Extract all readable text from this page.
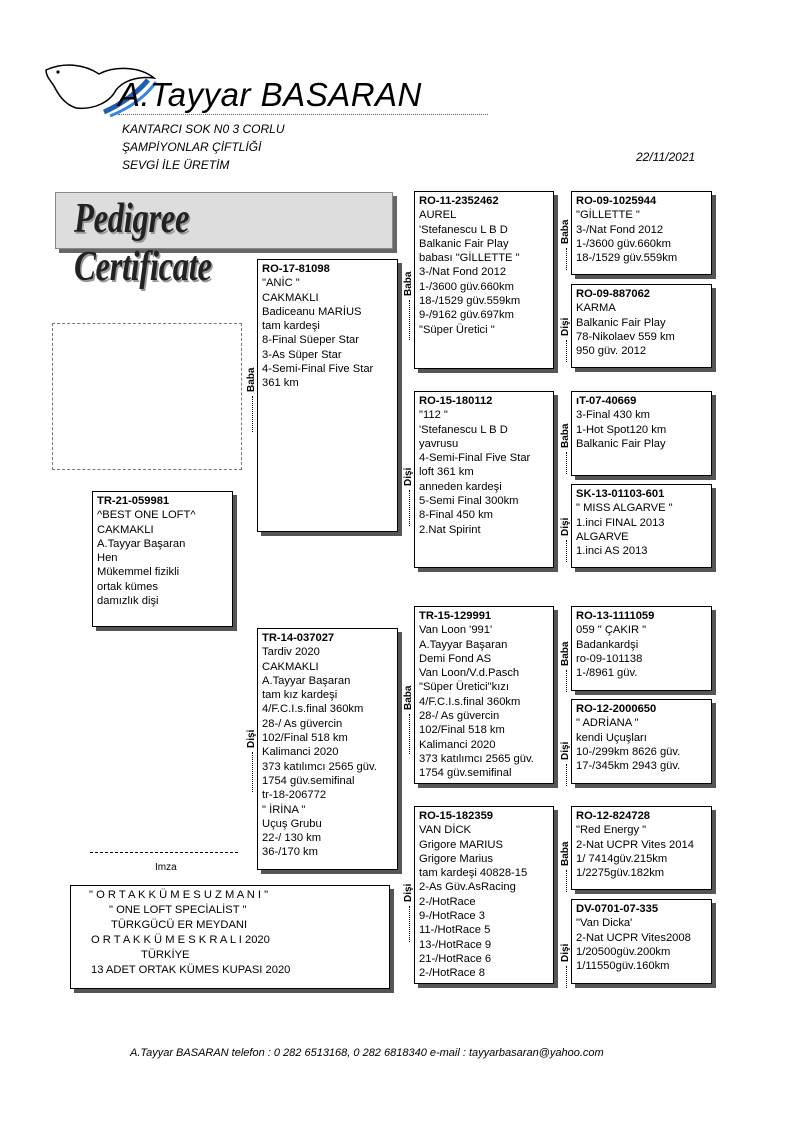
A.Tayyar BASARAN
KANTARCI SOK N0 3 CORLU
ŞAMPİYONLAR ÇİFTLİĞİ
SEVGİ İLE ÜRETİM
22/11/2021
Pedigree Certificate
TR-21-059981
^BEST ONE LOFT^
CAKMAKLI
A.Tayyar Başaran
Hen
Mükemmel fizikli
ortak kümes
damızlık dişi
Baba
RO-17-81098
"ANİC "
CAKMAKLI
Badiceanu MARİUS
tam kardeşi
8-Final Süeper Star
3-As Süper Star
4-Semi-Final Five Star
361 km
Dişi
TR-14-037027
Tardiv 2020
CAKMAKLI
A.Tayyar Başaran
tam kız kardeşi
4/F.C.I.s.final 360km
28-/ As güvercin
102/Final 518 km
Kalimanci 2020
373 katılımcı 2565 güv.
1754 güv.semifinal
tr-18-206772
" İRİNA "
Uçuş Grubu
22-/ 130 km
36-/170 km
Baba
RO-11-2352462
AUREL
'Stefanescu L B D
Balkanic Fair Play
babası "GİLLETTE "
3-/Nat Fond 2012
1-/3600 güv.660km
18-/1529 güv.559km
9-/9162 güv.697km
"Süper Üretici "
Dişi
RO-15-180112
"112 "
'Stefanescu L B D
yavrusu
4-Semi-Final Five Star
loft 361 km
anneden kardeşi
5-Semi Final 300km
8-Final 450 km
2.Nat Spirint
Baba
TR-15-129991
Van Loon '991'
A.Tayyar Başaran
Demi Fond AS
Van Loon/V.d.Pasch
"Süper Üretici"kızı
4/F.C.I.s.final 360km
28-/ As güvercin
102/Final 518 km
Kalimanci 2020
373 katılımcı 2565 güv.
1754 güv.semifinal
Dişi
RO-15-182359
VAN DİCK
Grigore MARIUS
Grigore Marius
tam kardeşi 40828-15
2-As Güv.AsRacing
2-/HotRace
9-/HotRace 3
11-/HotRace 5
13-/HotRace 9
21-/HotRace 6
2-/HotRace 8
Baba
RO-09-1025944
"GİLLETTE "
3-/Nat Fond 2012
1-/3600 güv.660km
18-/1529 güv.559km
Dişi
RO-09-887062
KARMA
Balkanic Fair Play
78-Nikolaev 559 km
950 güv. 2012
Baba
ıT-07-40669
3-Final 430 km
1-Hot Spot120 km
Balkanic Fair Play
Dişi
SK-13-01103-601
" MISS ALGARVE "
1.inci FINAL 2013
ALGARVE
1.inci AS 2013
Baba
RO-13-1111059
059 " ÇAKIR "
Badankardşi
ro-09-101138
1-/8961 güv.
Dişi
RO-12-2000650
" ADRİANA "
kendi Uçuşları
10-/299km 8626 güv.
17-/345km 2943 güv.
Baba
RO-12-824728
"Red Energy "
2-Nat UCPR Vites 2014
1/ 7414güv.215km
1/2275güv.182km
Dişi
DV-0701-07-335
"Van Dicka'
2-Nat UCPR Vites2008
1/20500güv.200km
1/11550güv.160km
Imza
" O R T A K K Ü M E S U Z M A N I "
" ONE LOFT SPECİALİST "
TÜRKGÜCÜ ER MEYDANI
O R T A K K Ü M E S K R A L I 2020
TÜRKİYE
13 ADET ORTAK KÜMES KUPASI 2020
A.Tayyar BASARAN telefon : 0 282 6513168, 0 282 6818340 e-mail : tayyarbasaran@yahoo.com
